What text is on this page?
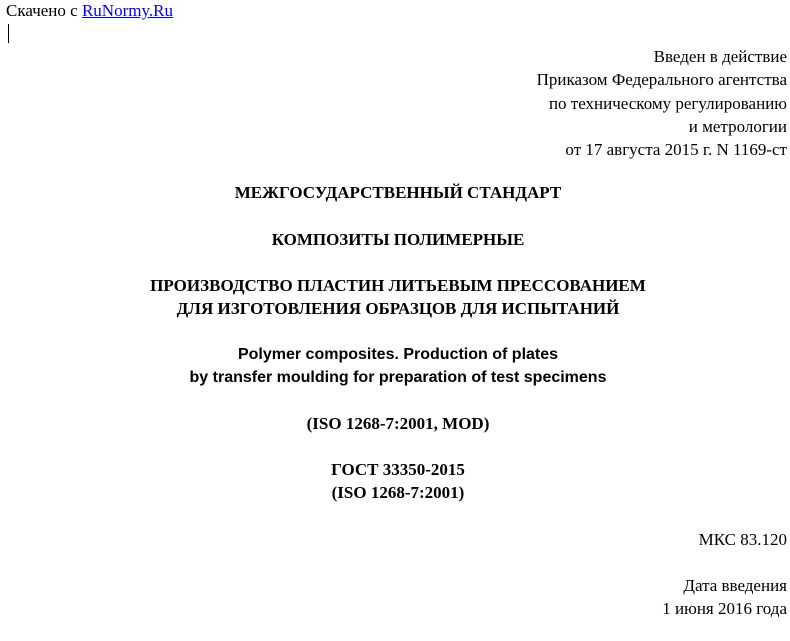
Скачено с RuNormy.Ru
Введен в действие
Приказом Федерального агентства
по техническому регулированию
и метрологии
от 17 августа 2015 г. N 1169-ст
МЕЖГОСУДАРСТВЕННЫЙ СТАНДАРТ
КОМПОЗИТЫ ПОЛИМЕРНЫЕ
ПРОИЗВОДСТВО ПЛАСТИН ЛИТЬЕВЫМ ПРЕССОВАНИЕМ
ДЛЯ ИЗГОТОВЛЕНИЯ ОБРАЗЦОВ ДЛЯ ИСПЫТАНИЙ
Polymer composites. Production of plates
by transfer moulding for preparation of test specimens
(ISO 1268-7:2001, MOD)
ГОСТ 33350-2015
(ISO 1268-7:2001)
МКС 83.120
Дата введения
1 июня 2016 года
